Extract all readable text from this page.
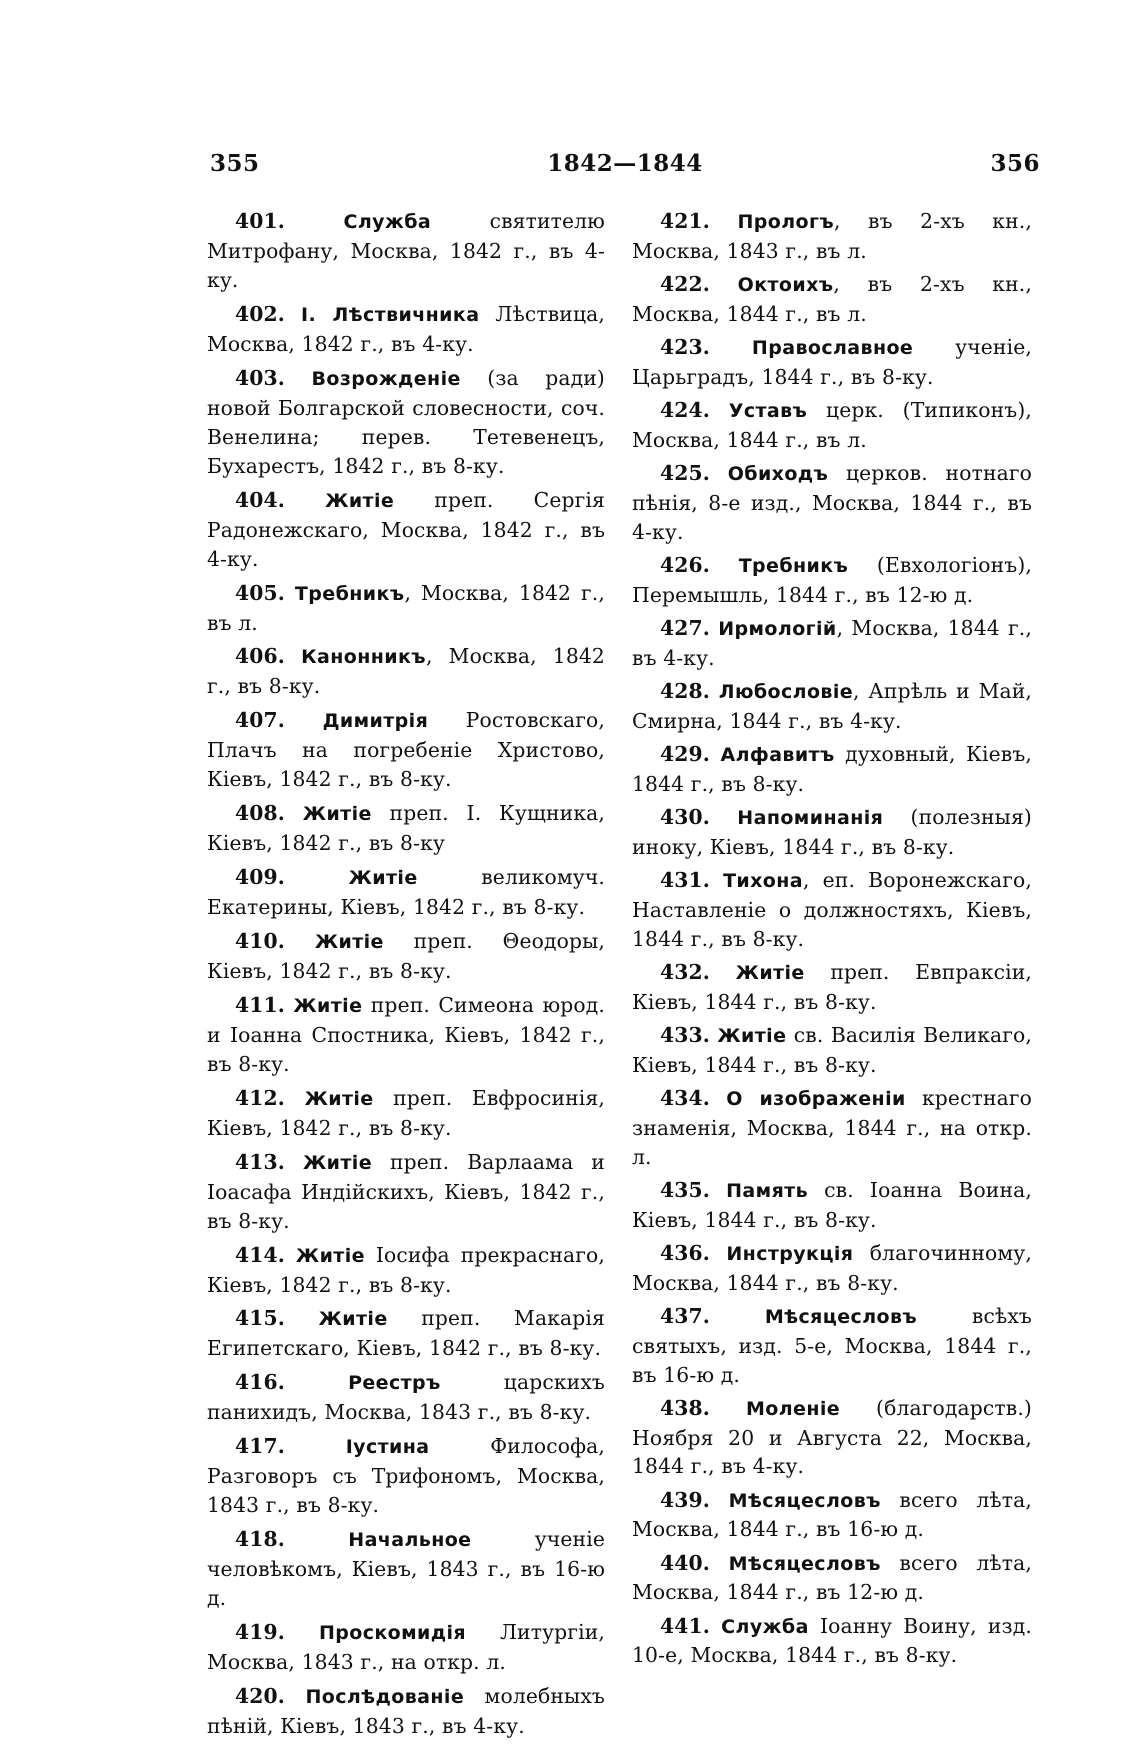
355	1842—1844	356

401.	Служба святителю Митрофану, Москва, 1842 г., въ 4-ку.

402. I. Лѣствичника Лѣствица, Москва, 1842 г., въ 4-ку.

403. Возрожденіе (за ради) новой Болгарской словесности, соч. Венелина; перев. Тетевенецъ, Бухарестъ, 1842 г., въ 8-ку.

404. Житіе преп. Сергія Радонежскаго, Москва, 1842 г., въ 4-ку.

405. Требникъ, Москва, 1842 г., въ л.

406. Канонникъ, Москва, 1842 г., въ 8-ку.

407. Димитрія Ростовскаго, Плачъ на погребеніе Христово, Кіевъ, 1842 г., въ 8-ку.

408. Житіе преп. I. Кущника, Кіевъ, 1842 г., въ 8-ку

409.	Житіе великомуч. Екатерины, Кіевъ, 1842 г., въ 8-ку.

410. Житіе преп. Θеодоры, Кіевъ, 1842 г., въ 8-ку.

411. Житіе преп. Симеона юрод. и Іоанна Спостника, Кіевъ, 1842 г., въ 8-ку.

412. Житіе преп. Евфросинія, Кіевъ, 1842 г., въ 8-ку.

413. Житіе преп. Варлаама и Іоасафа Индійскихъ, Кіевъ, 1842 г., въ 8-ку.

414. Житіе Іосифа прекраснаго, Кіевъ, 1842 г., въ 8-ку.

415. Житіе преп. Макарія Египетскаго, Кіевъ, 1842 г., въ 8-ку.

416.	Реестръ царскихъ панихидъ, Москва, 1843 г., въ 8-ку.

417.	Іустина Философа, Разговоръ съ Трифономъ, Москва, 1843 г., въ 8-ку.

418.	Начальное ученіе человѣкомъ, Кіевъ, 1843 г., въ 16-ю д.

419. Проскомидія Литургіи, Москва, 1843 г., на откр. л.

420. Послѣдованіе молебныхъ пѣній, Кіевъ, 1843 г., въ 4-ку.

421. Прологъ, въ 2-хъ кн., Москва, 1843 г., въ л.

422. Октоихъ, въ 2-хъ кн., Москва, 1844 г., въ л.

423. Православное ученіе, Царьградъ, 1844 г., въ 8-ку.

424. Уставъ церк. (Типиконъ), Москва, 1844 г., въ л.

425. Обиходъ церков. нотнаго пѣнія, 8-е изд., Москва, 1844 г., въ 4-ку.

426. Требникъ (Евхологіонъ), Перемышль, 1844 г., въ 12-ю д.

427. Ирмологій, Москва, 1844 г., въ 4-ку.

428. Любословіе, Апрѣль и Май, Смирна, 1844 г., въ 4-ку.

429. Алфавитъ духовный, Кіевъ, 1844 г., въ 8-ку.

430. Напоминанія (полезныя) иноку, Кіевъ, 1844 г., въ 8-ку.

431. Тихона, еп. Воронежскаго, Наставленіе о должностяхъ, Кіевъ, 1844 г., въ 8-ку.

432. Житіе преп. Евпраксіи, Кіевъ, 1844 г., въ 8-ку.

433. Житіе св. Василія Великаго, Кіевъ, 1844 г., въ 8-ку.

434. О изображеніи крестнаго знаменія, Москва, 1844 г., на откр. л.

435. Память св. Іоанна Воина, Кіевъ, 1844 г., въ 8-ку.

436. Инструкція благочинному, Москва, 1844 г., въ 8-ку.

437.	Мѣсяцесловъ всѣхъ святыхъ, изд. 5-е, Москва, 1844 г., въ 16-ю д.

438. Моленіе (благодарств.) Ноября 20 и Августа 22, Москва, 1844 г., въ 4-ку.

439. Мѣсяцесловъ всего лѣта, Москва, 1844 г., въ 16-ю д.

440. Мѣсяцесловъ всего лѣта, Москва, 1844 г., въ 12-ю д.

441. Служба Іоанну Воину, изд. 10-е, Москва, 1844 г., въ 8-ку.
